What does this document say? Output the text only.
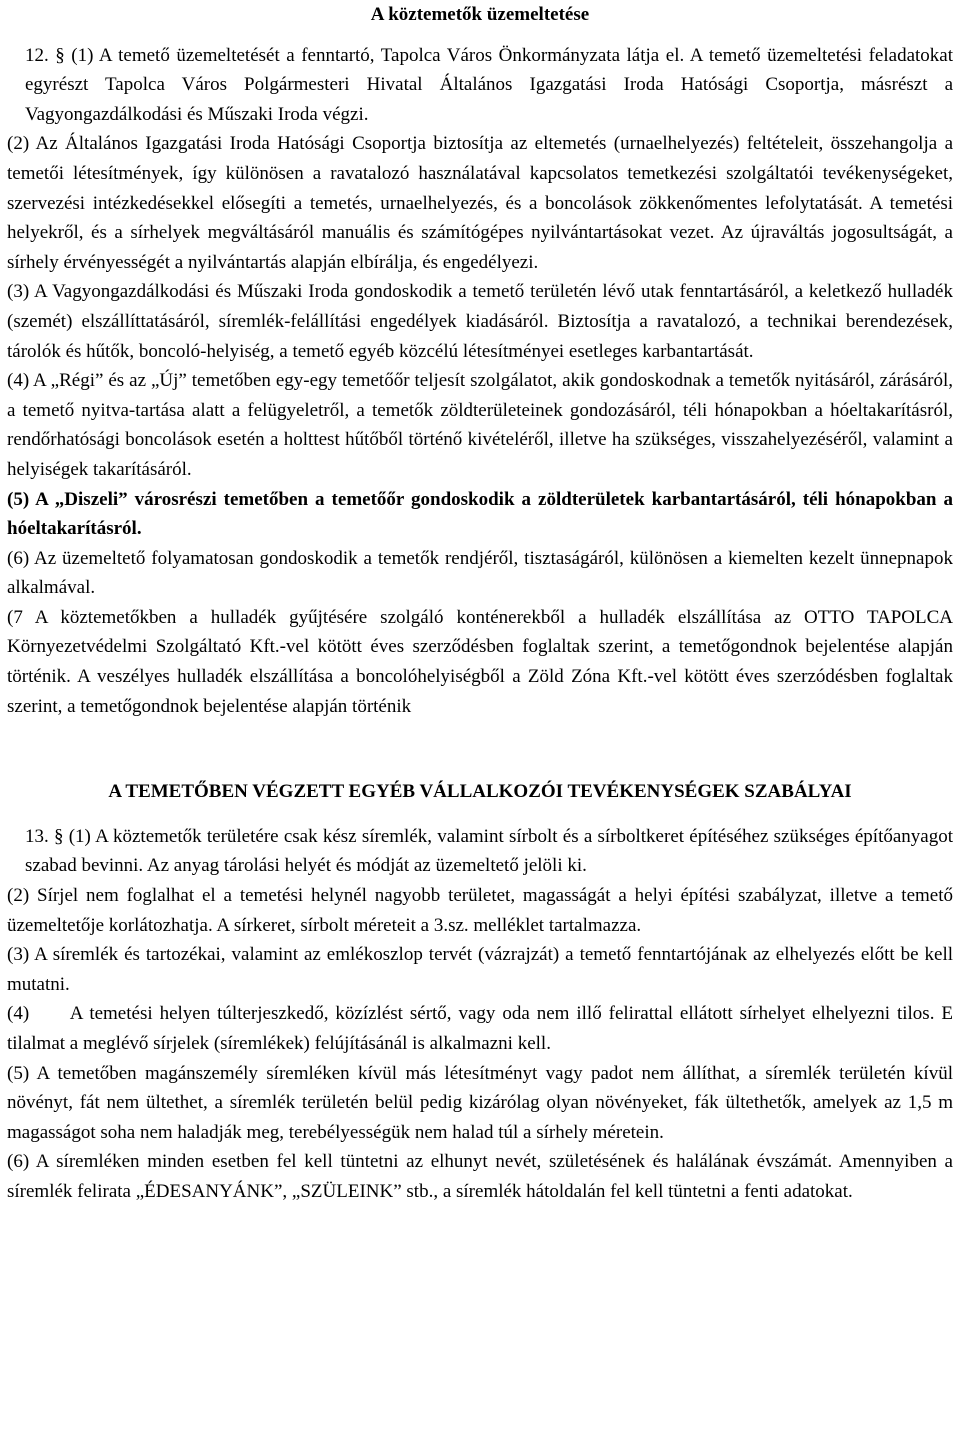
A köztemetők üzemeltetése

12. § (1) A temető üzemeltetését a fenntartó, Tapolca Város Önkormányzata látja el. A temető üzemeltetési feladatokat egyrészt Tapolca Város Polgármesteri Hivatal Általános Igazgatási Iroda Hatósági Csoportja, másrészt a Vagyongazdálkodási és Műszaki Iroda végzi.

(2) Az Általános Igazgatási Iroda Hatósági Csoportja biztosítja az eltemetés (urnaelhelyezés) feltételeit, összehangolja a temetői létesítmények, így különösen a ravatalozó használatával kapcsolatos temetkezési szolgáltatói tevékenységeket, szervezési intézkedésekkel elősegíti a temetés, urnaelhelyezés, és a boncolások zökkenőmentes lefolytatását. A temetési helyekről, és a sírhelyek megváltásáról manuális és számítógépes nyilvántartásokat vezet. Az újraváltás jogosultságát, a sírhely érvényességét a nyilvántartás alapján elbírálja, és engedélyezi.

(3) A Vagyongazdálkodási és Műszaki Iroda gondoskodik a temető területén lévő utak fenntartásáról, a keletkező hulladék (szemét) elszállíttatásáról, síremlék-felállítási engedélyek kiadásáról. Biztosítja a ravatalozó, a technikai berendezések, tárolók és hűtők, boncoló-helyiség, a temető egyéb közcélú létesítményei esetleges karbantartását.

(4) A „Régi” és az „Új” temetőben egy-egy temetőőr teljesít szolgálatot, akik gondoskodnak a temetők nyitásáról, zárásáról, a temető nyitva-tartása alatt a felügyeletről, a temetők zöldterületeinek gondozásáról, téli hónapokban a hóeltakarításról, rendőrhatósági boncolások esetén a holttest hűtőből történő kivételéről, illetve ha szükséges, visszahelyezéséről, valamint a helyiségek takarításáról.

(5) A „Diszeli” városrészi temetőben a temetőőr gondoskodik a zöldterületek karbantartásáról, téli hónapokban a hóeltakarításról.

(6) Az üzemeltető folyamatosan gondoskodik a temetők rendjéről, tisztaságáról, különösen a kiemelten kezelt ünnepnapok alkalmával.

(7 A köztemetőkben a hulladék gyűjtésére szolgáló konténerekből a hulladék elszállítása az OTTO TAPOLCA Környezetvédelmi Szolgáltató Kft.-vel kötött éves szerződésben foglaltak szerint, a temetőgondnok bejelentése alapján történik. A veszélyes hulladék elszállítása a boncolóhelyiségből a Zöld Zóna Kft.-vel kötött éves szerzódésben foglaltak szerint, a temetőgondnok bejelentése alapján történik

A TEMETŐBEN VÉGZETT EGYÉB VÁLLALKOZÓI TEVÉKENYSÉGEK SZABÁLYAI

13. § (1) A köztemetők területére csak kész síremlék, valamint sírbolt és a sírboltkeret építéséhez szükséges építőanyagot szabad bevinni. Az anyag tárolási helyét és módját az üzemeltető jelöli ki.

(2) Sírjel nem foglalhat el a temetési helynél nagyobb területet, magasságát a helyi építési szabályzat, illetve a temető üzemeltetője korlátozhatja. A sírkeret, sírbolt méreteit a 3.sz. melléklet tartalmazza.

(3) A síremlék és tartozékai, valamint az emlékoszlop tervét (vázrajzát) a temető fenntartójának az elhelyezés előtt be kell mutatni.

(4)      A temetési helyen túlterjeszkedő, közízlést sértő, vagy oda nem illő felirattal ellátott sírhelyet elhelyezni tilos. E tilalmat a meglévő sírjelek (síremlékek) felújításánál is alkalmazni kell.

(5) A temetőben magánszemély síremléken kívül más létesítményt vagy padot nem állíthat, a síremlék területén kívül növényt, fát nem ültethet, a síremlék területén belül pedig kizárólag olyan növényeket, fák ültethetők, amelyek az 1,5 m magasságot soha nem haladják meg, terebélyességük nem halad túl a sírhely méretein.

(6) A síremléken minden esetben fel kell tüntetni az elhunyt nevét, születésének és halálának évszámát. Amennyiben a síremlék felirata „ÉDESANYÁNK”, „SZÜLEINK” stb., a síremlék hátoldalán fel kell tüntetni a fenti adatokat.
